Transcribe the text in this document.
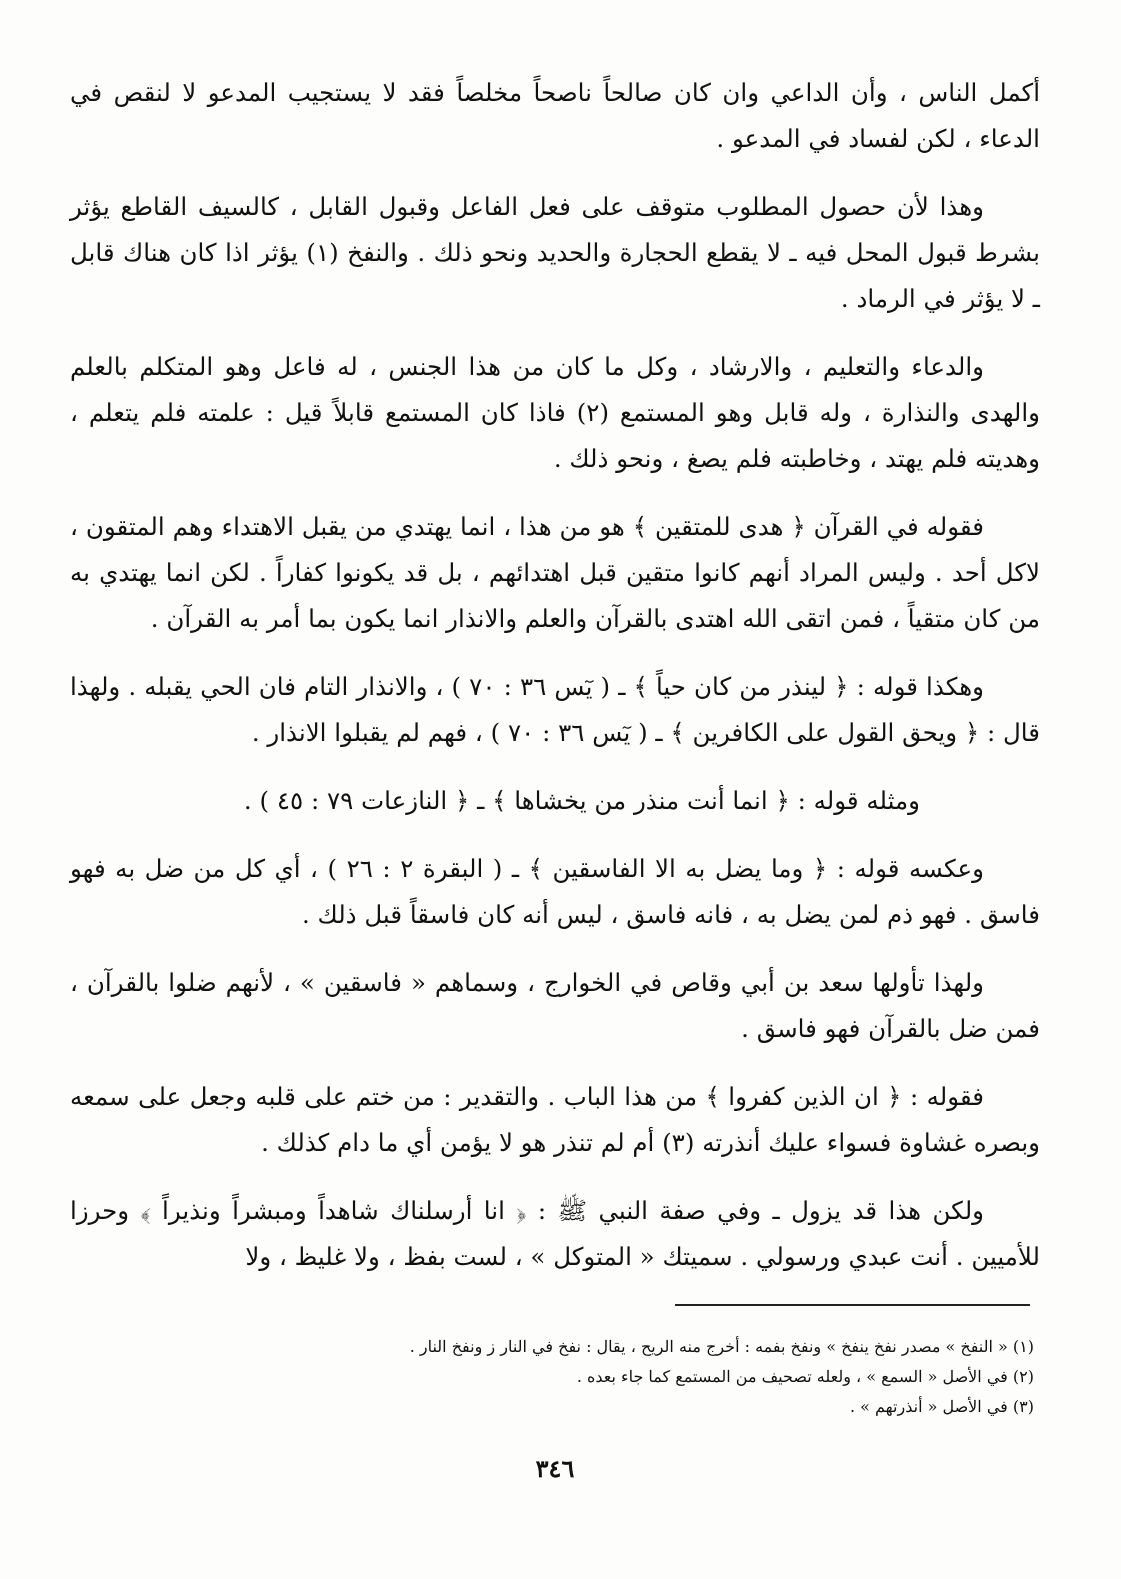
أكمل الناس ، وأن الداعي وان كان صالحاً ناصحاً مخلصاً فقد لا يستجيب المدعو لا لنقص في الدعاء ، لكن لفساد في المدعو .

وهذا لأن حصول المطلوب متوقف على فعل الفاعل وقبول القابل ، كالسيف القاطع يؤثر بشرط قبول المحل فيه ـ لا يقطع الحجارة والحديد ونحو ذلك . والنفخ (١) يؤثر اذا كان هناك قابل ـ لا يؤثر في الرماد .

والدعاء والتعليم ، والارشاد ، وكل ما كان من هذا الجنس ، له فاعل وهو المتكلم بالعلم والهدى والنذارة ، وله قابل وهو المستمع (٢) فاذا كان المستمع قابلاً قيل : علمته فلم يتعلم ، وهديته فلم يهتد ، وخاطبته فلم يصغ ، ونحو ذلك .

فقوله في القرآن ﴿ هدى للمتقين ﴾ هو من هذا ، انما يهتدي من يقبل الاهتداء وهم المتقون ، لاكل أحد . وليس المراد أنهم كانوا متقين قبل اهتدائهم ، بل قد يكونوا كفاراً . لكن انما يهتدي به من كان متقياً ، فمن اتقى الله اهتدى بالقرآن والعلم والانذار انما يكون بما أمر به القرآن .

وهكذا قوله : ﴿ لينذر من كان حياً ﴾ ـ ( يٓس ٣٦ : ٧٠ ) ، والانذار التام فان الحي يقبله . ولهذا قال : ﴿ ويحق القول على الكافرين ﴾ ـ ( يٓس ٣٦ : ٧٠ ) ، فهم لم يقبلوا الانذار .

ومثله قوله : ﴿ انما أنت منذر من يخشاها ﴾ ـ ﴿ النازعات ٧٩ : ٤٥ ) .

وعكسه قوله : ﴿ وما يضل به الا الفاسقين ﴾ ـ ( البقرة ٢ : ٢٦ ) ، أي كل من ضل به فهو فاسق . فهو ذم لمن يضل به ، فانه فاسق ، ليس أنه كان فاسقاً قبل ذلك .

ولهذا تأولها سعد بن أبي وقاص في الخوارج ، وسماهم « فاسقين » ، لأنهم ضلوا بالقرآن ، فمن ضل بالقرآن فهو فاسق .

فقوله : ﴿ ان الذين كفروا ﴾ من هذا الباب . والتقدير : من ختم على قلبه وجعل على سمعه وبصره غشاوة فسواء عليك أنذرته (٣) أم لم تنذر هو لا يؤمن أي ما دام كذلك .

ولكن هذا قد يزول ـ وفي صفة النبي ﷺ : ﴿ انا أرسلناك شاهداً ومبشراً ونذيراً ﴾ وحرزا للأميين . أنت عبدي ورسولي . سميتك « المتوكل » ، لست بفظ ، ولا غليظ ، ولا

(١) « النفخ » مصدر نفخ ينفخ » ونفخ بفمه : أخرج منه الريح ، يقال : نفخ في النار ز ونفخ النار .

(٢) في الأصل « السمع » ، ولعله تصحيف من المستمع كما جاء بعده .

(٣) في الأصل « أنذرتهم » .

٣٤٦
